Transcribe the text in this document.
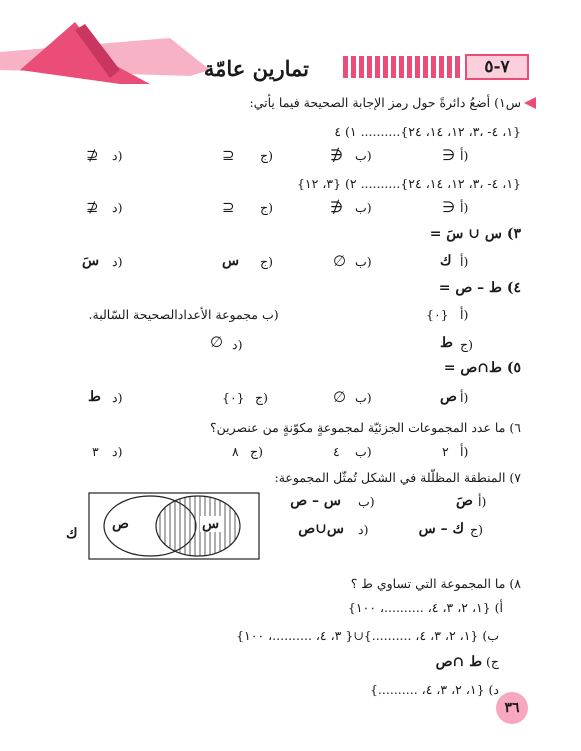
٧-٥
تمارين عامّة
س١) أضعُ دائرةً حول رمز الإجابة الصحيحة فيما يأتي:
١) ٤ ..........{٣، ١٢، ١٤، ٢٤، ‎-١، ٤}
أ)
∋
ب)
∌
ج)
⊇
د)
⊉
٢) {٣، ١٢} ..........{٣، ١٢، ١٤، ٢٤، ‎-١، ٤}
أ)
∋
ب)
∌
ج)
⊇
د)
⊉
٣) س ∪ سَ =
أ)
ك
ب)
∅
ج)
س
د)
سَ
٤) ط – ص =
أ)
{٠}
ب)
مجموعة الأعدادالصحيحة السّالبة.
ج)
ط
د)
∅
٥) ط∩ص =
أ)
ص
ب)
∅
ج)
{٠}
د)
ط
٦) ما عدد المجموعات الجزئيّة لمجموعةٍ مكوّنةٍ من عنصرين؟
أ)
٢
ب)
٤
ج)
٨
د)
٣
٧) المنطقة المظلّلة في الشكل تُمثّل المجموعة:
ص	س
ك
أ)
صَ
ب)
س – ص
ج)
ك – س
د)
س∪ص
٨) ما المجموعة التي تساوي ط ؟
أ) {١، ٢، ٣، ٤، ..........، ١٠٠}
ب) {١، ٢، ٣، ٤، ..........}∪{ ٣، ٤، ..........، ١٠٠}
ج) ط ∩ص
د) {١، ٢، ٣، ٤، ..........}
٣٦
